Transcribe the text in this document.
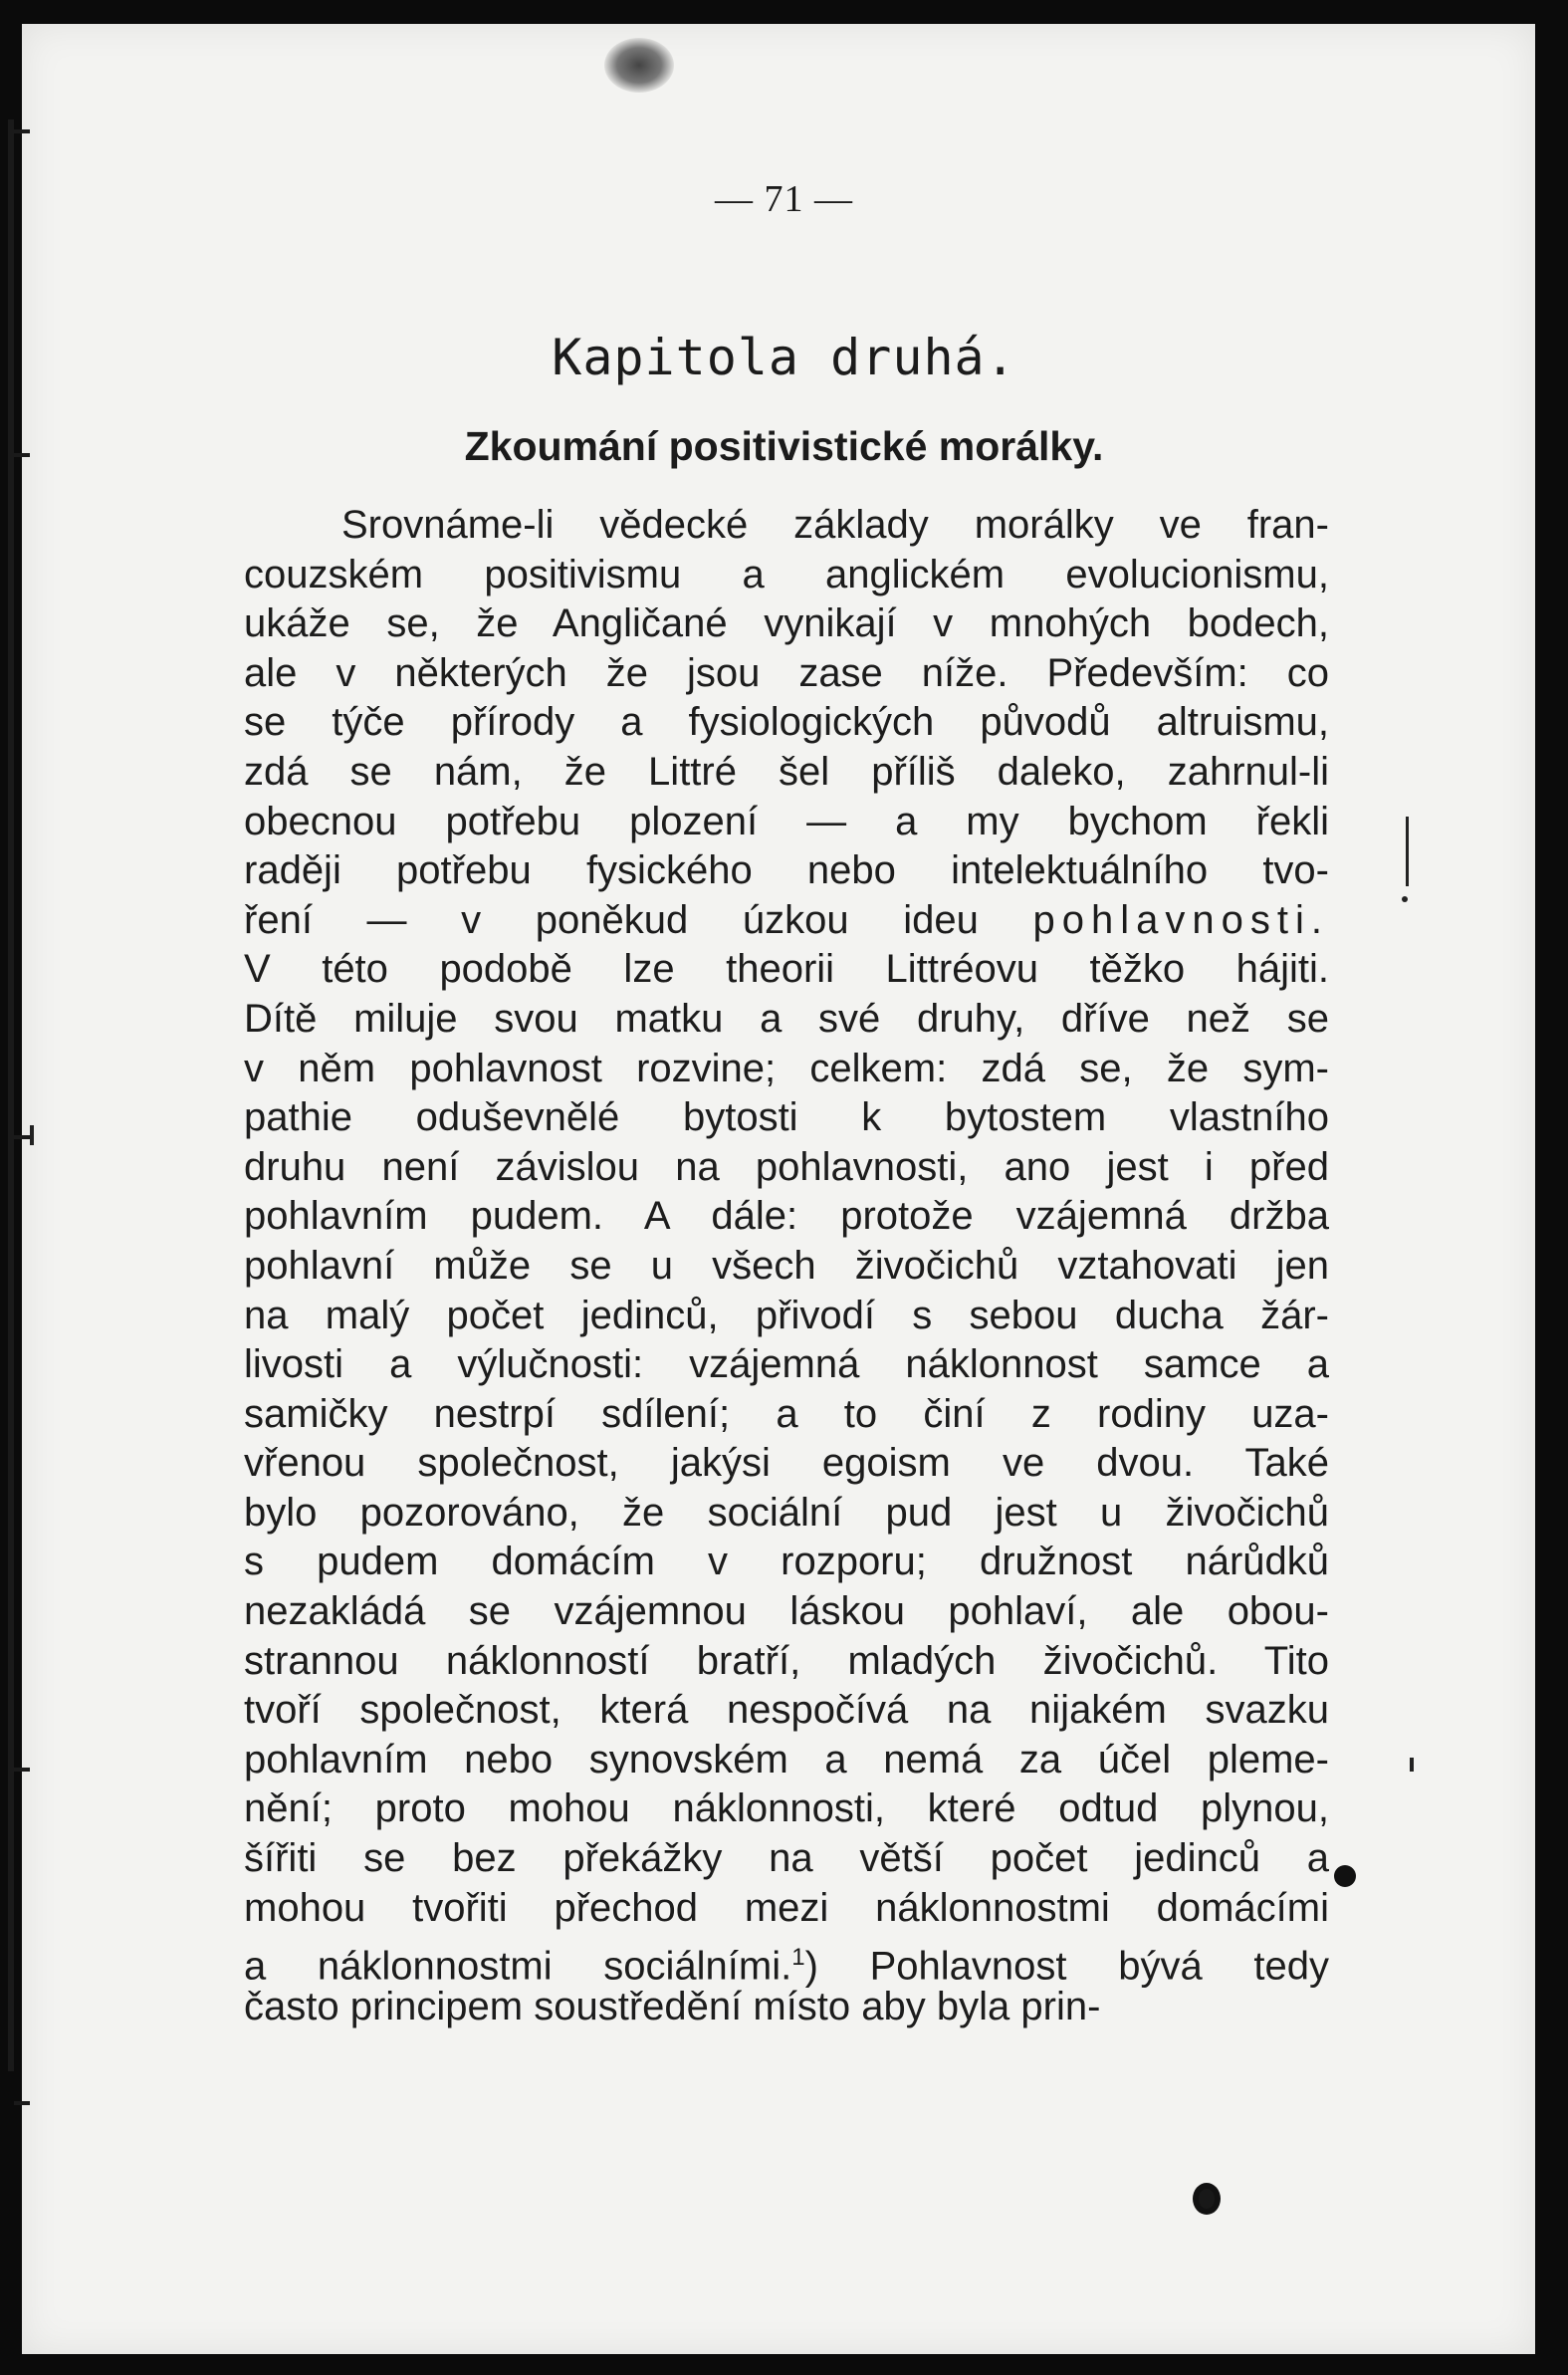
— 71 —
Kapitola druhá.
Zkoumání positivistické morálky.
Srovnáme-li vědecké základy morálky ve fran-
couzském positivismu a anglickém evolucionismu,
ukáže se, že Angličané vynikají v mnohých bodech,
ale v některých že jsou zase níže. Především: co
se týče přírody a fysiologických původů altruismu,
zdá se nám, že Littré šel příliš daleko, zahrnul-li
obecnou potřebu plození — a my bychom řekli
raději potřebu fysického nebo intelektuálního tvo-
ření — v poněkud úzkou ideu pohlavnosti.
V této podobě lze theorii Littréovu těžko hájiti.
Dítě miluje svou matku a své druhy, dříve než se
v něm pohlavnost rozvine; celkem: zdá se, že sym-
pathie oduševnělé bytosti k bytostem vlastního
druhu není závislou na pohlavnosti, ano jest i před
pohlavním pudem. A dále: protože vzájemná držba
pohlavní může se u všech živočichů vztahovati jen
na malý počet jedinců, přivodí s sebou ducha žár-
livosti a výlučnosti: vzájemná náklonnost samce a
samičky nestrpí sdílení; a to činí z rodiny uza-
vřenou společnost, jakýsi egoism ve dvou. Také
bylo pozorováno, že sociální pud jest u živočichů
s pudem domácím v rozporu; družnost nárůdků
nezakládá se vzájemnou láskou pohlaví, ale obou-
strannou náklonností bratří, mladých živočichů. Tito
tvoří společnost, která nespočívá na nijakém svazku
pohlavním nebo synovském a nemá za účel pleme-
nění; proto mohou náklonnosti, které odtud plynou,
šířiti se bez překážky na větší počet jedinců a
mohou tvořiti přechod mezi náklonnostmi domácími
a náklonnostmi sociálními.$^1$) Pohlavnost bývá tedy
často principem soustředění místo aby byla prin-
